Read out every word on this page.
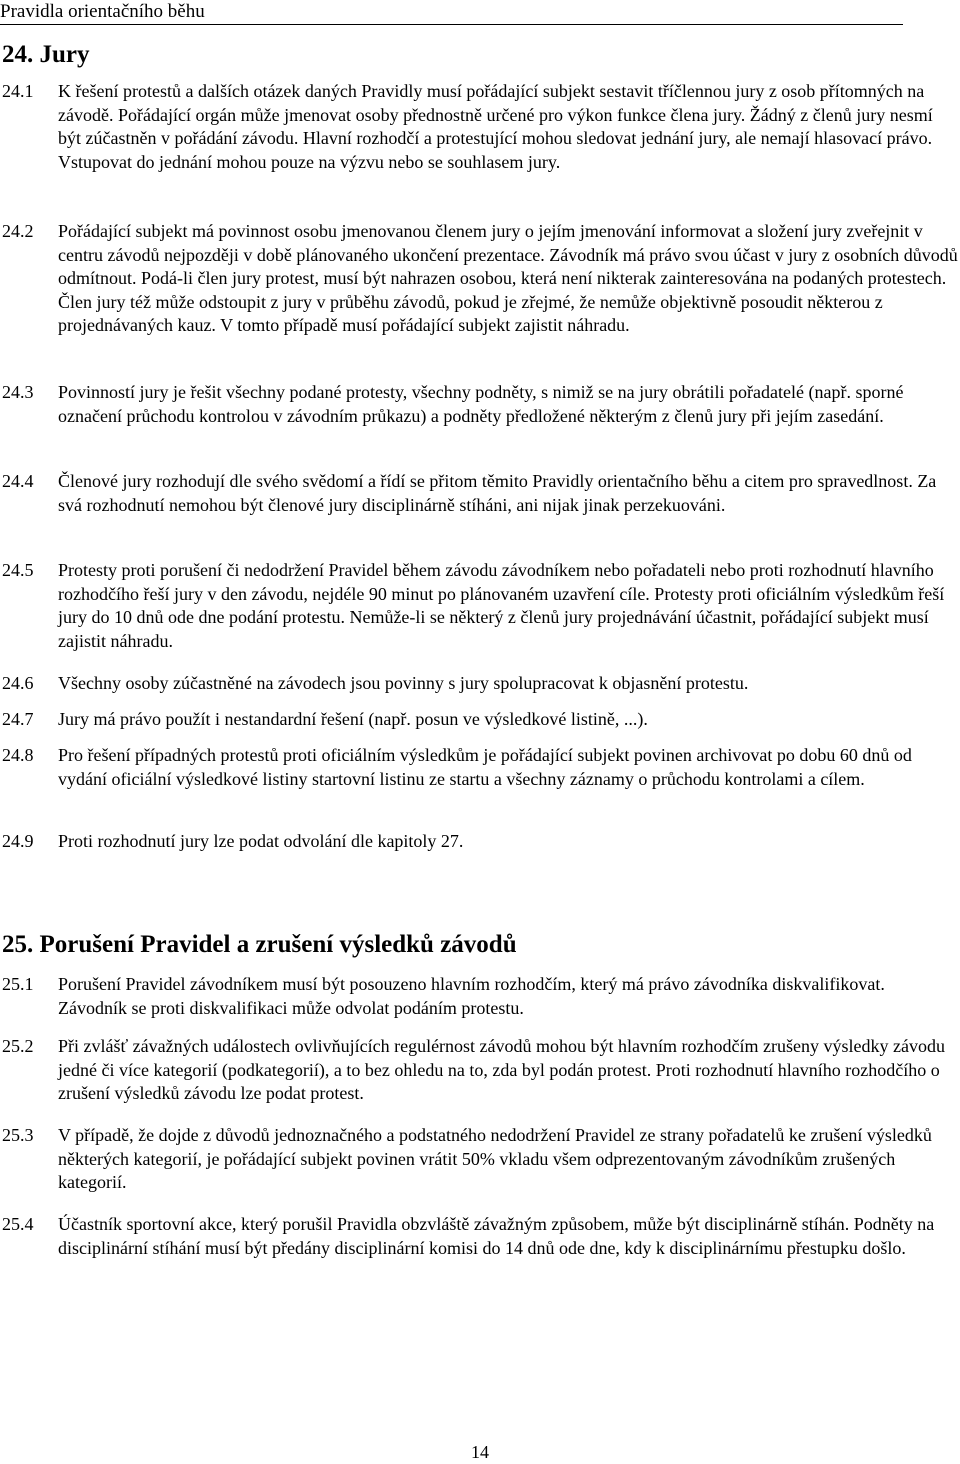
Pravidla orientačního běhu
24. Jury
24.1	K řešení protestů a dalších otázek daných Pravidly musí pořádající subjekt sestavit tříčlennou jury z osob přítomných na závodě. Pořádající orgán může jmenovat osoby přednostně určené pro výkon funkce člena jury. Žádný z členů jury nesmí být zúčastněn v pořádání závodu. Hlavní rozhodčí a protestující mohou sledovat jednání jury, ale nemají hlasovací právo. Vstupovat do jednání mohou pouze na výzvu nebo se souhlasem jury.
24.2	Pořádající subjekt má povinnost osobu jmenovanou členem jury o jejím jmenování informovat a složení jury zveřejnit v centru závodů nejpozději v době plánovaného ukončení prezentace. Závodník má právo svou účast v jury z osobních důvodů odmítnout. Podá-li člen jury protest, musí být nahrazen osobou, která není nikterak zainteresována na podaných protestech. Člen jury též může odstoupit z jury v průběhu závodů, pokud je zřejmé, že nemůže objektivně posoudit některou z projednávaných kauz. V tomto případě musí pořádající subjekt zajistit náhradu.
24.3	Povinností jury je řešit všechny podané protesty, všechny podněty, s nimiž se na jury obrátili pořadatelé (např. sporné označení průchodu kontrolou v závodním průkazu) a podněty předložené některým z členů jury při jejím zasedání.
24.4	Členové jury rozhodují dle svého svědomí a řídí se přitom těmito Pravidly orientačního běhu a citem pro spravedlnost. Za svá rozhodnutí nemohou být členové jury disciplinárně stíháni, ani nijak jinak perzekuováni.
24.5	Protesty proti porušení či nedodržení Pravidel během závodu závodníkem nebo pořadateli nebo proti rozhodnutí hlavního rozhodčího řeší jury v den závodu, nejdéle 90 minut po plánovaném uzavření cíle. Protesty proti oficiálním výsledkům řeší jury do 10 dnů ode dne podání protestu. Nemůže-li se některý z členů jury projednávání účastnit, pořádající subjekt musí zajistit náhradu.
24.6	Všechny osoby zúčastněné na závodech jsou povinny s jury spolupracovat k objasnění protestu.
24.7	Jury má právo použít i nestandardní řešení (např. posun ve výsledkové listině, ...).
24.8	Pro řešení případných protestů proti oficiálním výsledkům je pořádající subjekt povinen archivovat po dobu 60 dnů od vydání oficiální výsledkové listiny startovní listinu ze startu a všechny záznamy o průchodu kontrolami a cílem.
24.9	Proti rozhodnutí jury lze podat odvolání dle kapitoly 27.
25. Porušení Pravidel a zrušení výsledků závodů
25.1	Porušení Pravidel závodníkem musí být posouzeno hlavním rozhodčím, který má právo závodníka diskvalifikovat. Závodník se proti diskvalifikaci může odvolat podáním protestu.
25.2	Při zvlášť závažných událostech ovlivňujících regulérnost závodů mohou být hlavním rozhodčím zrušeny výsledky závodu jedné či více kategorií (podkategorií), a to bez ohledu na to, zda byl podán protest. Proti rozhodnutí hlavního rozhodčího o zrušení výsledků závodu lze podat protest.
25.3	V případě, že dojde z důvodů jednoznačného a podstatného nedodržení Pravidel ze strany pořadatelů ke zrušení výsledků některých kategorií, je pořádající subjekt povinen vrátit 50% vkladu všem odprezentovaným závodníkům zrušených kategorií.
25.4	Účastník sportovní akce, který porušil Pravidla obzvláště závažným způsobem, může být disciplinárně stíhán. Podněty na disciplinární stíhání musí být předány disciplinární komisi do 14 dnů ode dne, kdy k disciplinárnímu přestupku došlo.
14
